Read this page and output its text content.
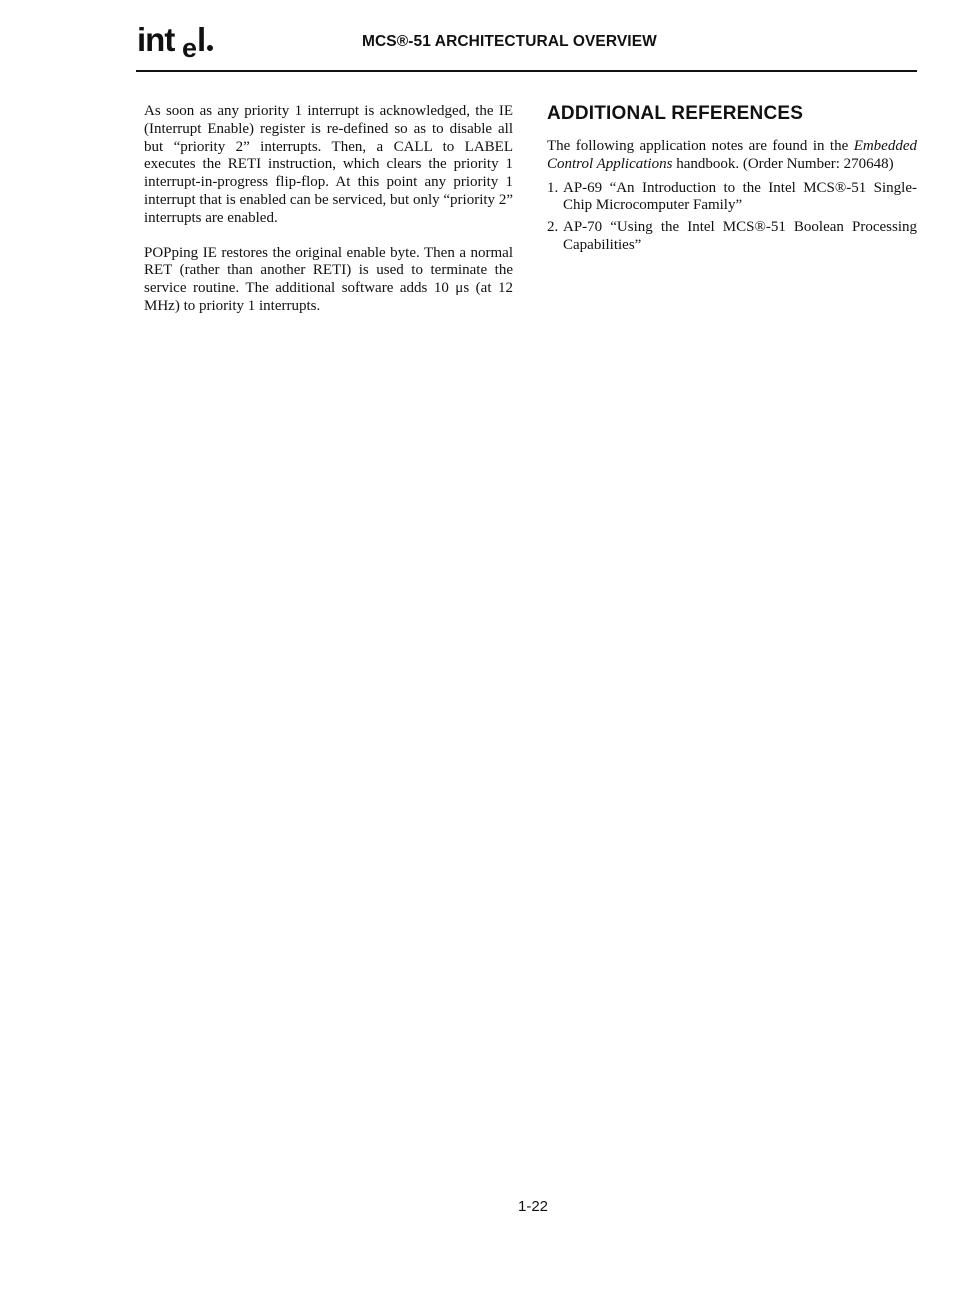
int e l	MCS®-51 ARCHITECTURAL OVERVIEW

As soon as any priority 1 interrupt is acknowledged, the IE (Interrupt Enable) register is re-defined so as to disable all but “priority 2” interrupts. Then, a CALL to LABEL executes the RETI instruction, which clears the priority 1 interrupt-in-progress flip-flop. At this point any priority 1 interrupt that is enabled can be serviced, but only “priority 2” interrupts are enabled.

POPping IE restores the original enable byte. Then a normal RET (rather than another RETI) is used to terminate the service routine. The additional software adds 10 μs (at 12 MHz) to priority 1 interrupts.

ADDITIONAL REFERENCES

The following application notes are found in the Embedded Control Applications handbook. (Order Number: 270648)

1. AP-69 “An Introduction to the Intel MCS®-51 Single-Chip Microcomputer Family”
2. AP-70 “Using the Intel MCS®-51 Boolean Processing Capabilities”
1-22
